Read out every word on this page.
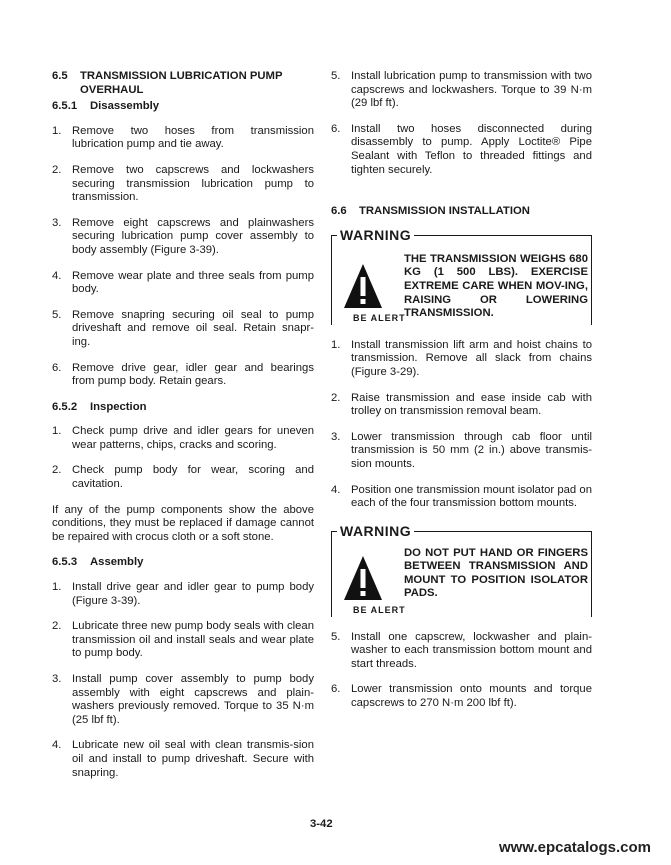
6.5	TRANSMISSION LUBRICATION PUMP
OVERHAUL
6.5.1	Disassembly
1. Remove two hoses from transmission lubrication pump and tie away.
2. Remove two capscrews and lockwashers securing transmission lubrication pump to transmission.
3. Remove eight capscrews and plainwashers securing lubrication pump cover assembly to body assembly (Figure 3-39).
4. Remove wear plate and three seals from pump body.
5. Remove snapring securing oil seal to pump driveshaft and remove oil seal. Retain snapr-ing.
6. Remove drive gear, idler gear and bearings from pump body. Retain gears.
6.5.2	Inspection
1. Check pump drive and idler gears for uneven wear patterns, chips, cracks and scoring.
2. Check pump body for wear, scoring and cavitation.

If any of the pump components show the above conditions, they must be replaced if damage cannot be repaired with crocus cloth or a soft stone.

6.5.3	Assembly
1. Install drive gear and idler gear to pump body (Figure 3-39).
2. Lubricate three new pump body seals with clean transmission oil and install seals and wear plate to pump body.
3. Install pump cover assembly to pump body assembly with eight capscrews and plain-washers previously removed. Torque to 35 N·m (25 lbf ft).
4. Lubricate new oil seal with clean transmis-sion oil and install to pump driveshaft. Secure with snapring.
5. Install lubrication pump to transmission with two capscrews and lockwashers. Torque to 39 N·m (29 lbf ft).
6. Install two hoses disconnected during disassembly to pump. Apply Loctite® Pipe Sealant with Teflon to threaded fittings and tighten securely.
6.6	TRANSMISSION INSTALLATION
WARNING
BE ALERT
THE TRANSMISSION WEIGHS 680 KG (1 500 LBS). EXERCISE EXTREME CARE WHEN MOV-ING, RAISING OR LOWERING TRANSMISSION.
1. Install transmission lift arm and hoist chains to transmission. Remove all slack from chains (Figure 3-29).
2. Raise transmission and ease inside cab with trolley on transmission removal beam.
3. Lower transmission through cab floor until transmission is 50 mm (2 in.) above transmis-sion mounts.
4. Position one transmission mount isolator pad on each of the four transmission bottom mounts.
WARNING
BE ALERT
DO NOT PUT HAND OR FINGERS BETWEEN TRANSMISSION AND MOUNT TO POSITION ISOLATOR PADS.
5. Install one capscrew, lockwasher and plain-washer to each transmission bottom mount and start threads.
6. Lower transmission onto mounts and torque capscrews to 270 N·m 200 lbf ft).
3-42
www.epcatalogs.com
